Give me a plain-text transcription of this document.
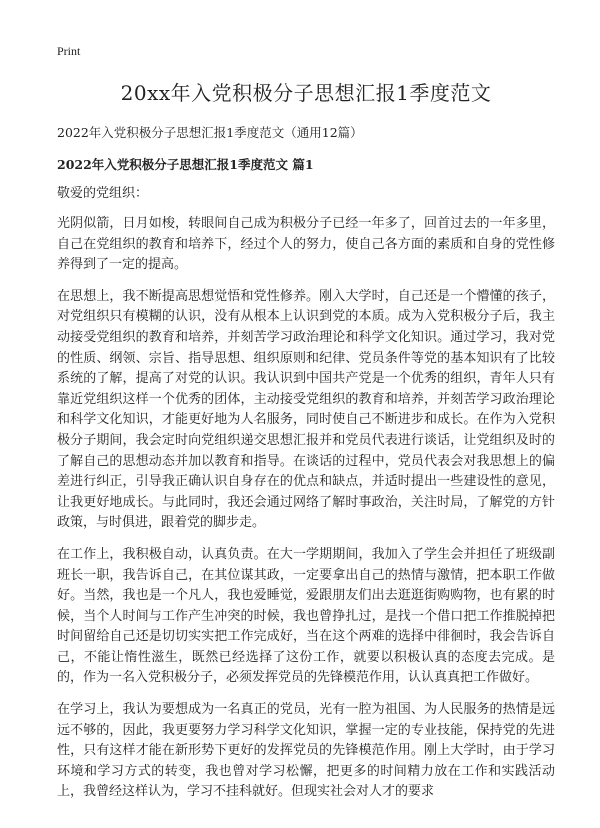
Print
20xx年入党积极分子思想汇报1季度范文
2022年入党积极分子思想汇报1季度范文（通用12篇）
2022年入党积极分子思想汇报1季度范文 篇1
敬爱的党组织：

光阴似箭，日月如梭，转眼间自己成为积极分子已经一年多了，回首过去的一年多里，自己在党组织的教育和培养下，经过个人的努力，使自己各方面的素质和自身的党性修养得到了一定的提高。

在思想上，我不断提高思想觉悟和党性修养。刚入大学时，自己还是一个懵懂的孩子，对党组织只有模糊的认识，没有从根本上认识到党的本质。成为入党积极分子后，我主动接受党组织的教育和培养，并刻苦学习政治理论和科学文化知识。通过学习，我对党的性质、纲领、宗旨、指导思想、组织原则和纪律、党员条件等党的基本知识有了比较系统的了解，提高了对党的认识。我认识到中国共产党是一个优秀的组织，青年人只有靠近党组织这样一个优秀的团体，主动接受党组织的教育和培养，并刻苦学习政治理论和科学文化知识，才能更好地为人名服务，同时使自己不断进步和成长。在作为入党积极分子期间，我会定时向党组织递交思想汇报并和党员代表进行谈话，让党组织及时的了解自己的思想动态并加以教育和指导。在谈话的过程中，党员代表会对我思想上的偏差进行纠正，引导我正确认识自身存在的优点和缺点，并适时提出一些建设性的意见，让我更好地成长。与此同时，我还会通过网络了解时事政治，关注时局，了解党的方针政策，与时俱进，跟着党的脚步走。

在工作上，我积极自动，认真负责。在大一学期期间，我加入了学生会并担任了班级副班长一职，我告诉自己，在其位谋其政，一定要拿出自己的热情与激情，把本职工作做好。当然，我也是一个凡人，我也爱睡觉，爱跟朋友们出去逛逛街购购物，也有累的时候，当个人时间与工作产生冲突的时候，我也曾挣扎过，是找一个借口把工作推脱掉把时间留给自己还是切切实实把工作完成好，当在这个两难的选择中徘徊时，我会告诉自己，不能让惰性滋生，既然已经选择了这份工作，就要以积极认真的态度去完成。是的，作为一名入党积极分子，必须发挥党员的先锋模范作用，认认真真把工作做好。

在学习上，我认为要想成为一名真正的党员，光有一腔为祖国、为人民服务的热情是远远不够的，因此，我更要努力学习科学文化知识，掌握一定的专业技能，保持党的先进性，只有这样才能在新形势下更好的发挥党员的先锋模范作用。刚上大学时，由于学习环境和学习方式的转变，我也曾对学习松懈，把更多的时间精力放在工作和实践活动上，我曾经这样认为，学习不挂科就好。但现实社会对人才的要求
